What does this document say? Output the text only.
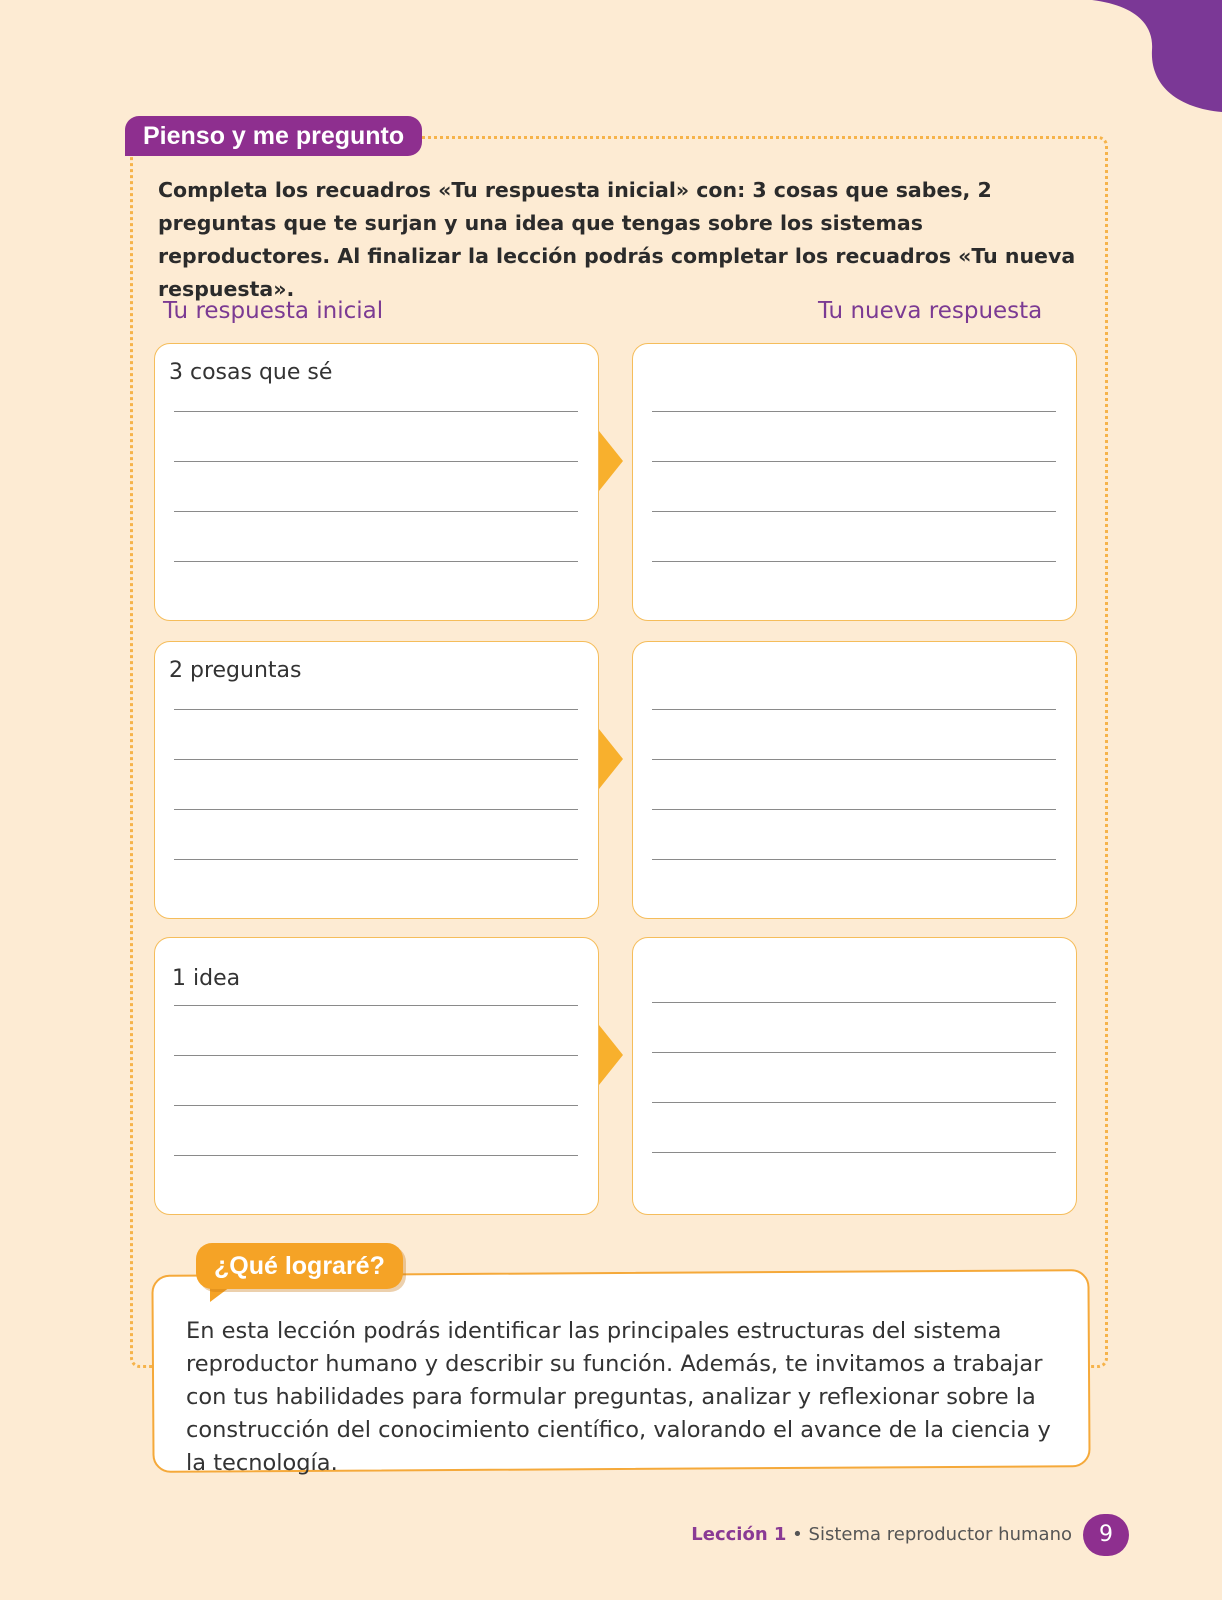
Pienso y me pregunto

Completa los recuadros «Tu respuesta inicial» con: 3 cosas que sabes, 2 preguntas que te surjan y una idea que tengas sobre los sistemas reproductores. Al finalizar la lección podrás completar los recuadros «Tu nueva respuesta».

Tu respuesta inicial	Tu nueva respuesta
3 cosas que sé
2 preguntas
1 idea
¿Qué lograré?

En esta lección podrás identificar las principales estructuras del sistema reproductor humano y describir su función. Además, te invitamos a trabajar con tus habilidades para formular preguntas, analizar y reflexionar sobre la construcción del conocimiento científico, valorando el avance de la ciencia y la tecnología.

Lección 1 • Sistema reproductor humano	9
